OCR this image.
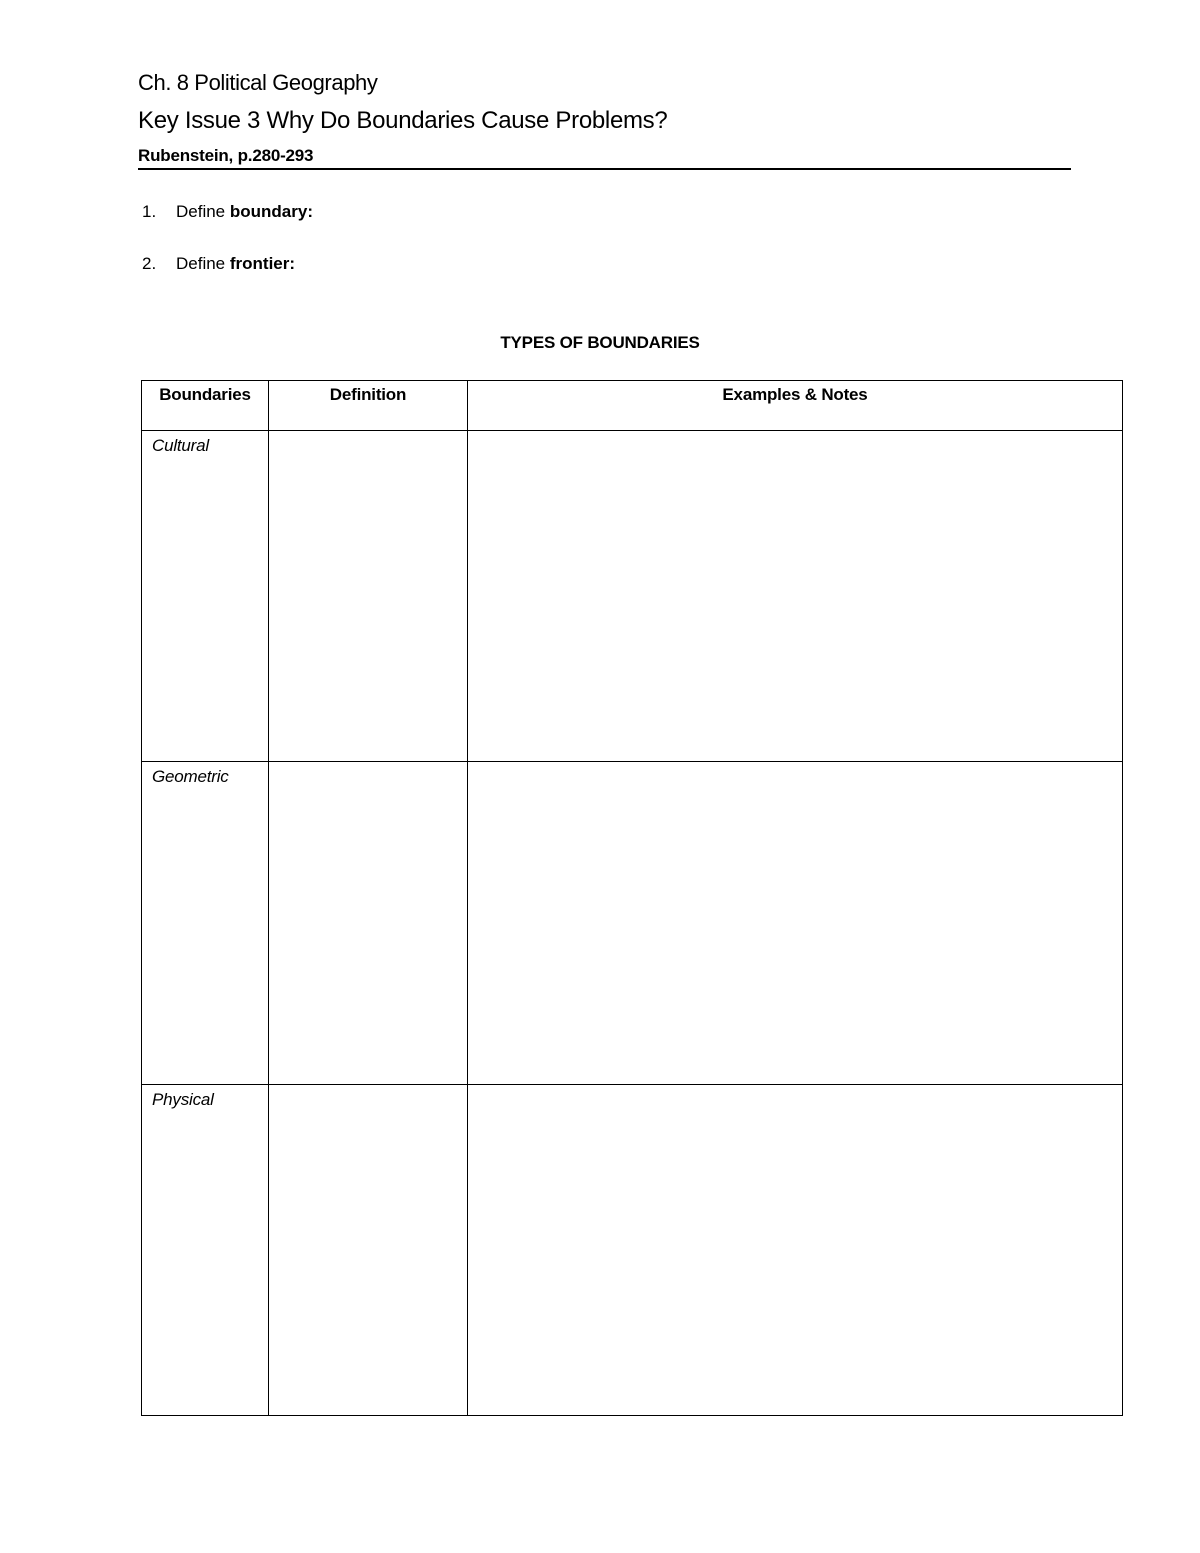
Ch. 8 Political Geography
Key Issue 3 Why Do Boundaries Cause Problems?
Rubenstein, p.280-293
1. Define boundary:
2. Define frontier:
TYPES OF BOUNDARIES
Boundaries	Definition	Examples & Notes
Cultural		
Geometric		
Physical		
